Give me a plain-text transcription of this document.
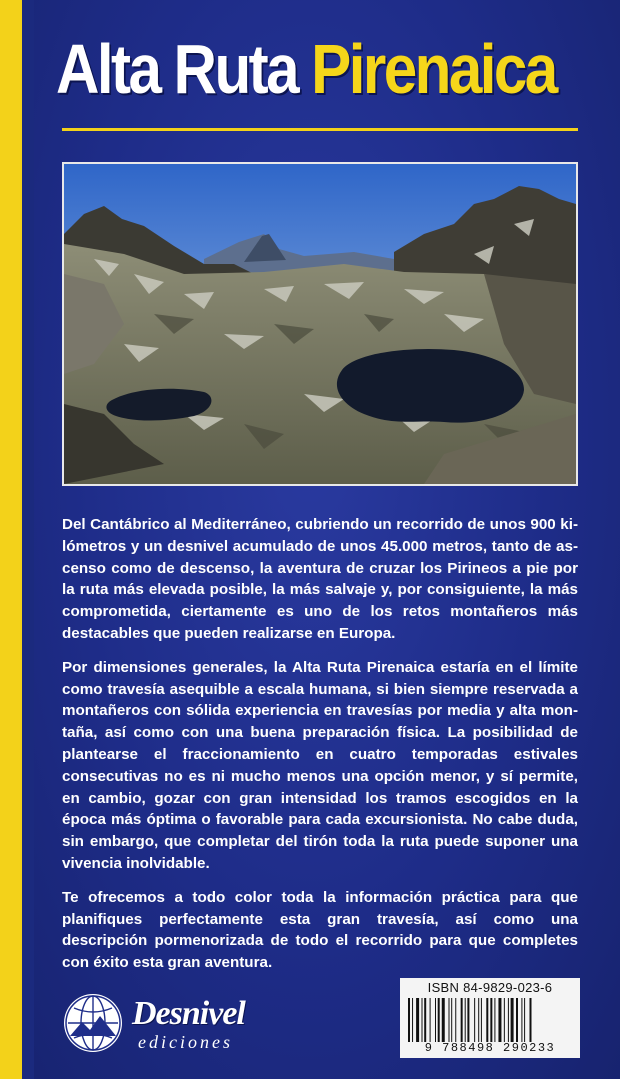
Alta Ruta Pirenaica

Del Cantábrico al Mediterráneo, cubriendo un recorrido de unos 900 kilómetros y un desnivel acumulado de unos 45.000 metros, tanto de ascenso como de descenso, la aventura de cruzar los Pirineos a pie por la ruta más elevada posible, la más salvaje y, por consiguiente, la más comprometida, ciertamente es uno de los retos montañeros más destacables que pueden realizarse en Europa.

Por dimensiones generales, la Alta Ruta Pirenaica estaría en el límite como travesía asequible a escala humana, si bien siempre reservada a montañeros con sólida experiencia en travesías por media y alta montaña, así como con una buena preparación física. La posibilidad de plantearse el fraccionamiento en cuatro temporadas estivales consecutivas no es ni mucho menos una opción menor, y sí permite, en cambio, gozar con gran intensidad los tramos escogidos en la época más óptima o favorable para cada excursionista. No cabe duda, sin embargo, que completar del tirón toda la ruta puede suponer una vivencia inolvidable.

Te ofrecemos a todo color toda la información práctica para que planifiques perfectamente esta gran travesía, así como una descripción pormenorizada de todo el recorrido para que completes con éxito esta gran aventura.

Desnivel
ediciones
ISBN 84-9829-023-6
9 788498 290233
